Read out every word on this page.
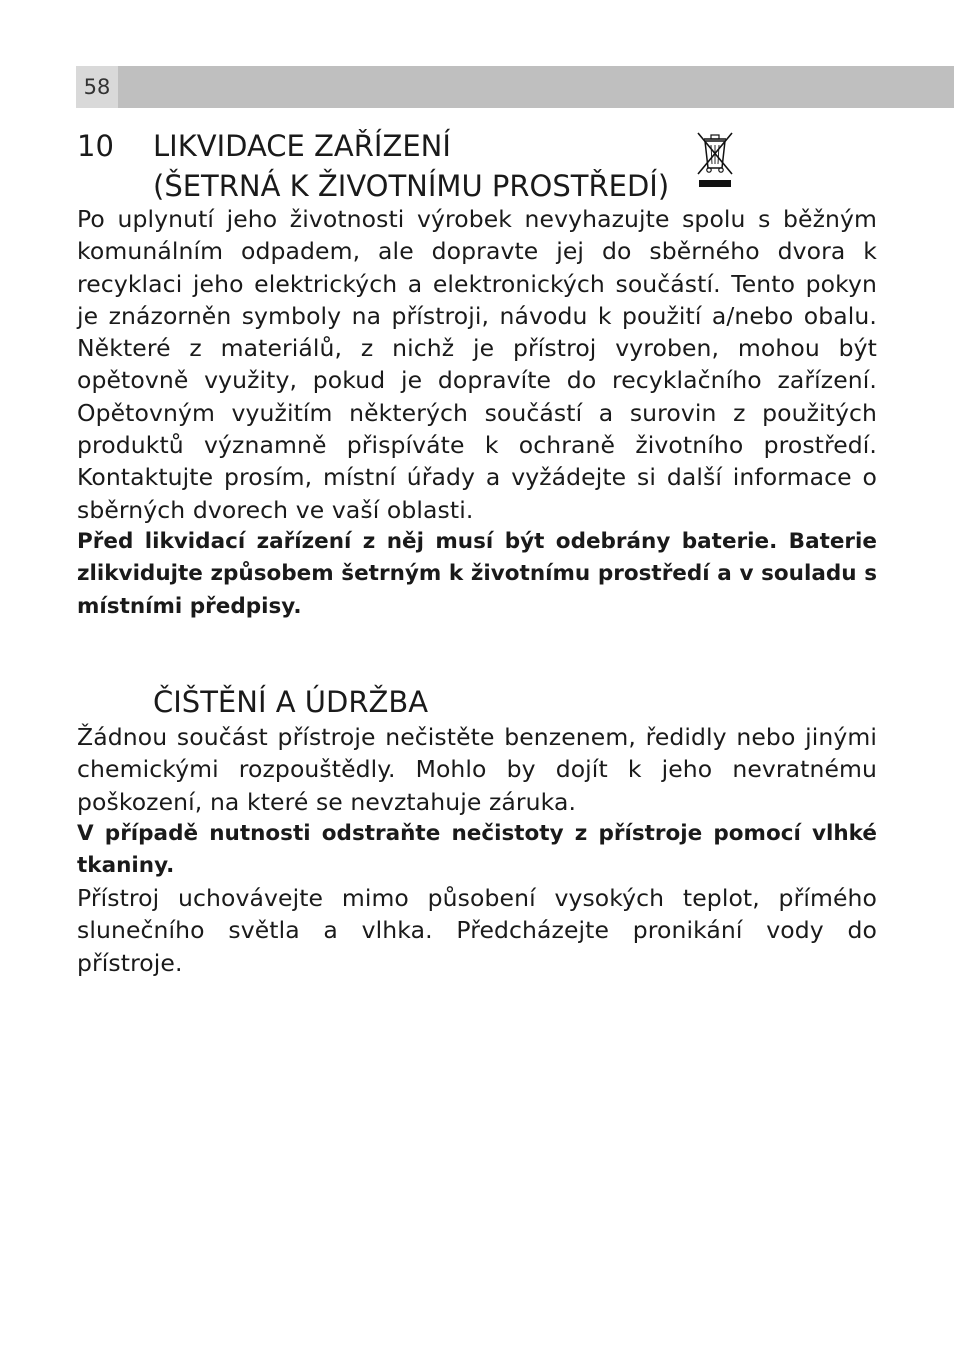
58
10 LIKVIDACE ZAŘÍZENÍ
(ŠETRNÁ K ŽIVOTNÍMU PROSTŘEDÍ)

Po uplynutí jeho životnosti výrobek nevyhazujte spolu s běžným komunálním odpadem, ale dopravte jej do sběrného dvora k recyklaci jeho elektrických a elektronických součástí. Tento pokyn je znázorněn symboly na přístroji, návodu k použití a/nebo obalu. Některé z materiálů, z nichž je přístroj vyroben, mohou být opětovně využity, pokud je dopravíte do recyklačního zařízení. Opětovným využitím některých součástí a surovin z použitých produktů významně přispíváte k ochraně životního prostředí. Kontaktujte prosím, místní úřady a vyžádejte si další informace o sběrných dvorech ve vaší oblasti.

Před likvidací zařízení z něj musí být odebrány baterie. Baterie zlikvidujte způsobem šetrným k životnímu prostředí a v souladu s místními předpisy.

ČIŠTĚNÍ A ÚDRŽBA

Žádnou součást přístroje nečistěte benzenem, ředidly nebo jinými chemickými rozpouštědly. Mohlo by dojít k jeho nevratnému poškození, na které se nevztahuje záruka.

V případě nutnosti odstraňte nečistoty z přístroje pomocí vlhké tkaniny.

Přístroj uchovávejte mimo působení vysokých teplot, přímého slunečního světla a vlhka. Předcházejte pronikání vody do přístroje.
